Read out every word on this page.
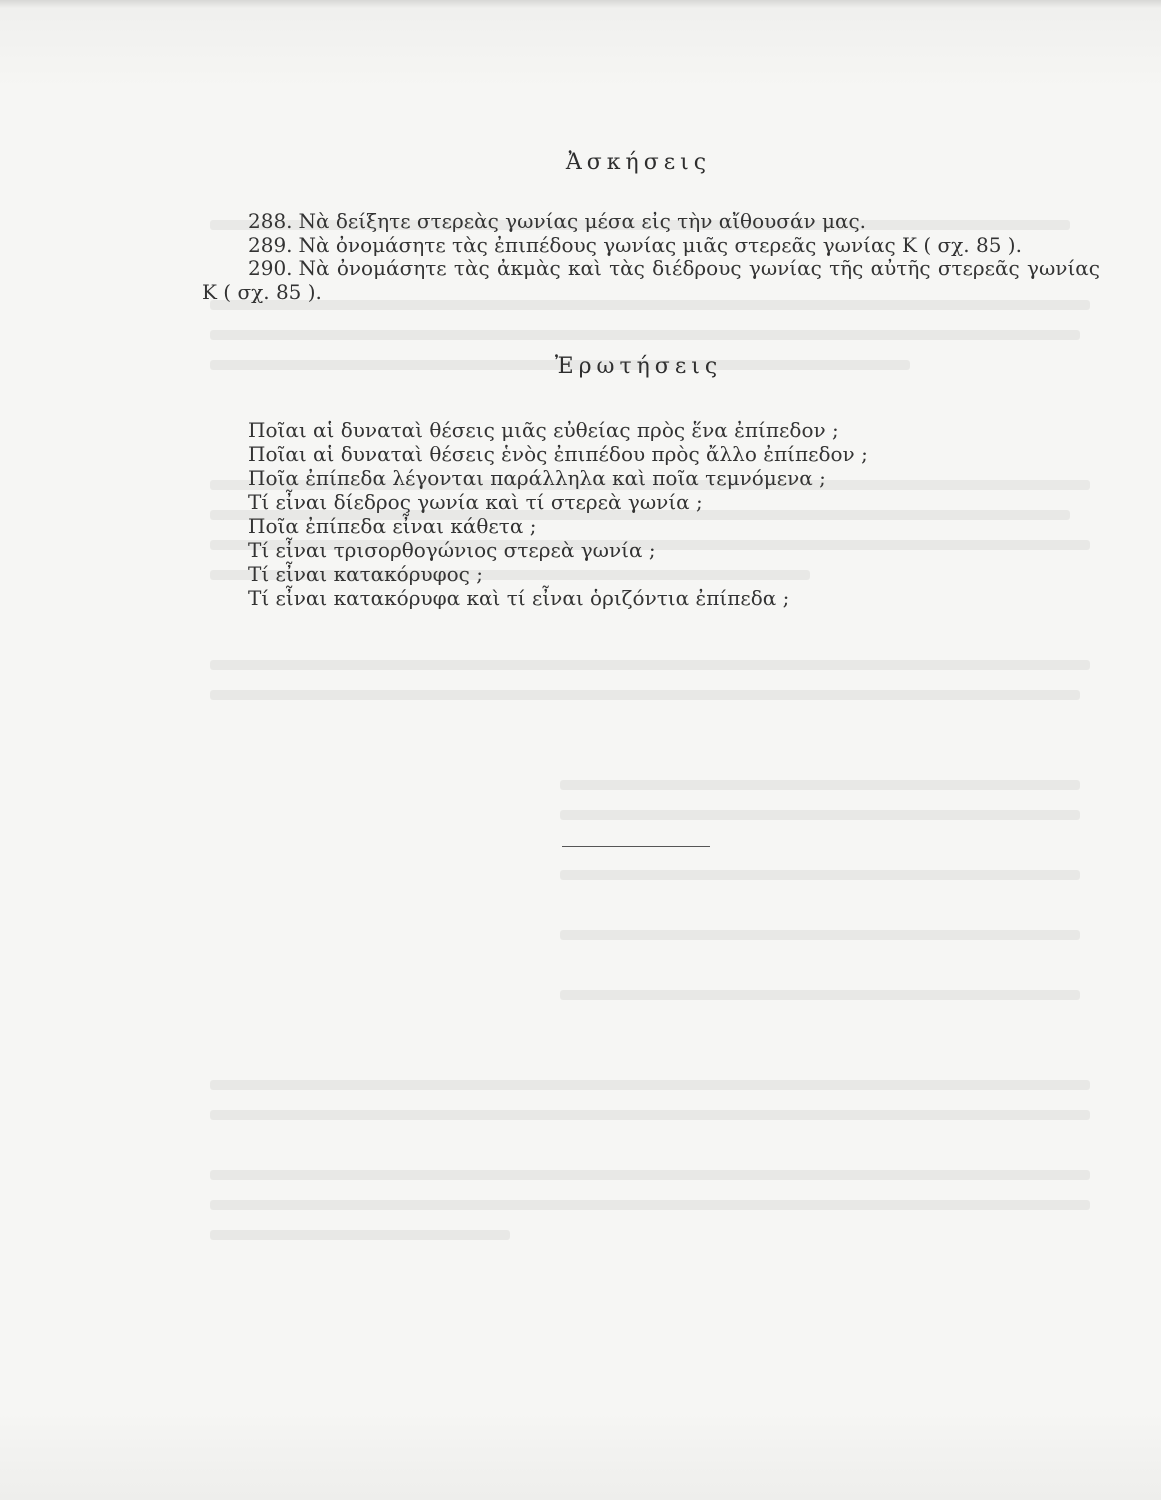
Ἀσκήσεις

288. Νὰ δείξητε στερεὰς γωνίας μέσα εἰς τὴν αἴθουσάν μας.

289. Νὰ ὀνομάσητε τὰς ἐπιπέδους γωνίας μιᾶς στερεᾶς γωνίας Κ ( σχ. 85 ).

290. Νὰ ὀνομάσητε τὰς ἀκμὰς καὶ τὰς διέδρους γωνίας τῆς αὐτῆς στερεᾶς γωνίας Κ ( σχ. 85 ).

Ἐρωτήσεις

Ποῖαι αἱ δυναταὶ θέσεις μιᾶς εὐθείας πρὸς ἕνα ἐπίπεδον ;

Ποῖαι αἱ δυναταὶ θέσεις ἑνὸς ἐπιπέδου πρὸς ἄλλο ἐπίπεδον ;

Ποῖα ἐπίπεδα λέγονται παράλληλα καὶ ποῖα τεμνόμενα ;

Τί εἶναι δίεδρος γωνία καὶ τί στερεὰ γωνία ;

Ποῖα ἐπίπεδα εἶναι κάθετα ;

Τί εἶναι τρισορθογώνιος στερεὰ γωνία ;

Τί εἶναι κατακόρυφος ;

Τί εἶναι κατακόρυφα καὶ τί εἶναι ὁριζόντια ἐπίπεδα ;
